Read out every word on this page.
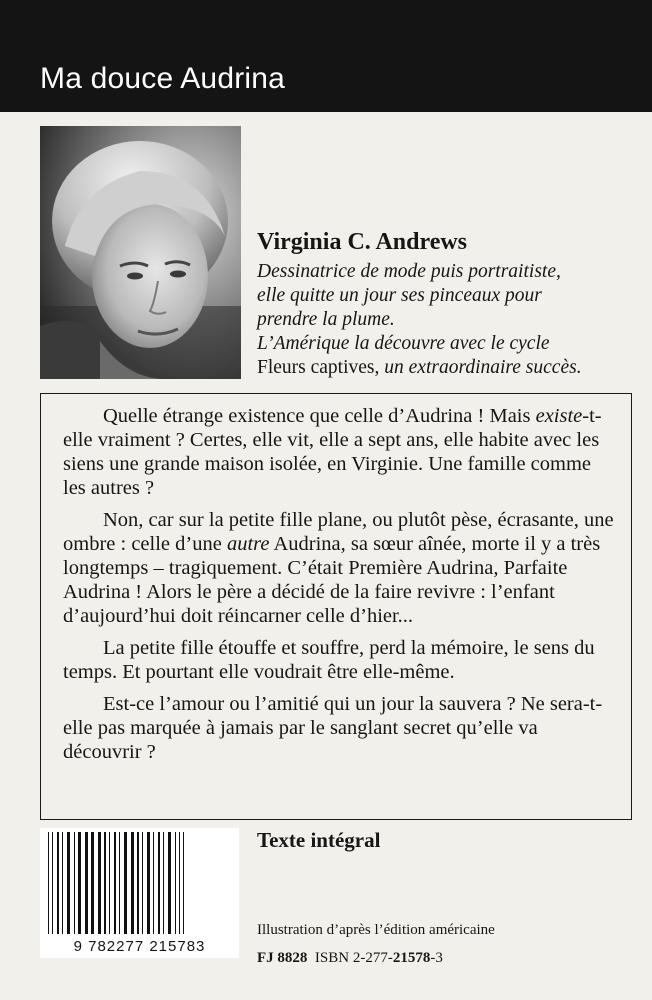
Ma douce Audrina
Virginia C. Andrews
Dessinatrice de mode puis portraitiste,
elle quitte un jour ses pinceaux pour
prendre la plume.
L’Amérique la découvre avec le cycle
Fleurs captives, un extraordinaire succès.

Quelle étrange existence que celle d’Audrina ! Mais existe-t-elle vraiment ? Certes, elle vit, elle a sept ans, elle habite avec les siens une grande maison isolée, en Virginie. Une famille comme les autres ?

Non, car sur la petite fille plane, ou plutôt pèse, écrasante, une ombre : celle d’une autre Audrina, sa sœur aînée, morte il y a très longtemps – tragiquement. C’était Première Audrina, Parfaite Audrina ! Alors le père a décidé de la faire revivre : l’enfant d’aujourd’hui doit réincarner celle d’hier...

La petite fille étouffe et souffre, perd la mémoire, le sens du temps. Et pourtant elle voudrait être elle-même.

Est-ce l’amour ou l’amitié qui un jour la sauvera ? Ne sera-t-elle pas marquée à jamais par le sanglant secret qu’elle va découvrir ?

9 782277 215783
Texte intégral
Illustration d’après l’édition américaine
FJ 8828 ISBN 2-277-21578-3
